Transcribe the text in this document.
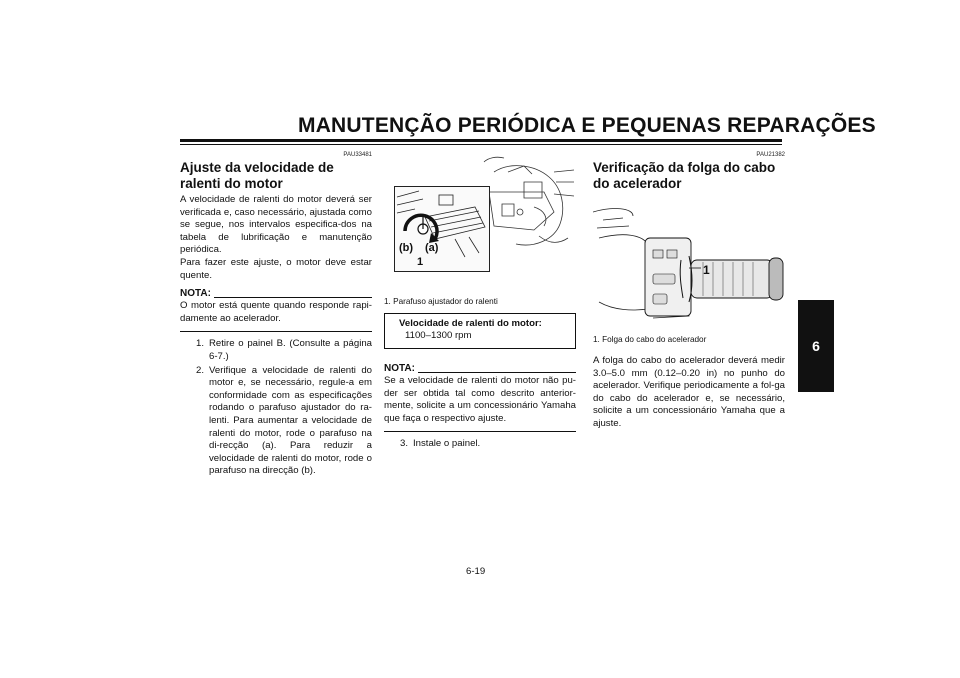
MANUTENÇÃO PERIÓDICA E PEQUENAS REPARAÇÕES
6
PAU33481
Ajuste da velocidade de ralenti do motor

A velocidade de ralenti do motor deverá ser verificada e, caso necessário, ajustada como se segue, nos intervalos especifica-dos na tabela de lubrificação e manutenção periódica.

Para fazer este ajuste, o motor deve estar quente.

NOTA:

O motor está quente quando responde rapi-damente ao acelerador.

1. Retire o painel B. (Consulte a página 6-7.)
2. Verifique a velocidade de ralenti do motor e, se necessário, regule-a em conformidade com as especificações rodando o parafuso ajustador do ra-lenti. Para aumentar a velocidade de ralenti do motor, rode o parafuso na di-recção (a). Para reduzir a velocidade de ralenti do motor, rode o parafuso na direcção (b).
(b) (a)
1
1. Parafuso ajustador do ralenti
Velocidade de ralenti do motor:
1100–1300 rpm
NOTA:

Se a velocidade de ralenti do motor não pu-der ser obtida tal como descrito anterior-mente, solicite a um concessionário Yamaha que faça o respectivo ajuste.

3. Instale o painel.
PAU21382
Verificação da folga do cabo do acelerador
1
1. Folga do cabo do acelerador

A folga do cabo do acelerador deverá medir 3.0–5.0 mm (0.12–0.20 in) no punho do acelerador. Verifique periodicamente a fol-ga do cabo do acelerador e, se necessário, solicite a um concessionário Yamaha que a ajuste.

6-19
